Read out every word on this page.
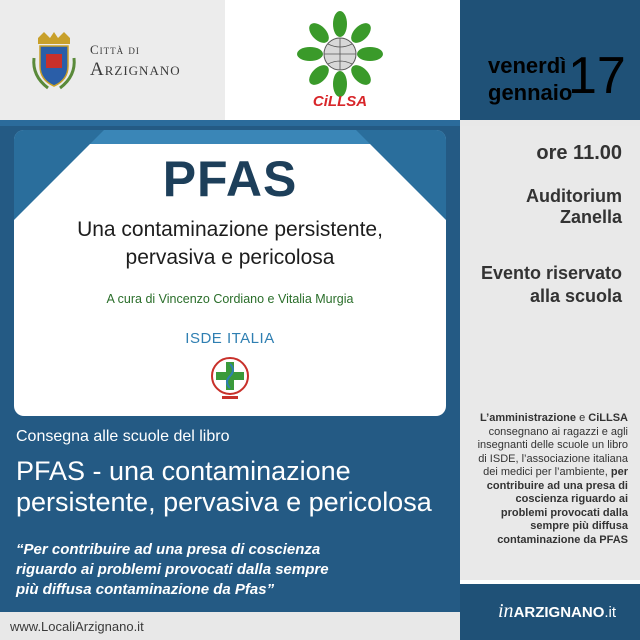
Città di
Arzignano
CiLLSA
venerdì
gennaio
17
PFAS
Una contaminazione persistente,
pervasiva e pericolosa
A cura di Vincenzo Cordiano e Vitalia Murgia
ISDE ITALIA
Consegna alle scuole del libro
PFAS - una contaminazione
persistente, pervasiva e pericolosa
“Per contribuire ad una presa di coscienza
riguardo ai problemi provocati dalla sempre
più diffusa contaminazione da Pfas”
www.LocaliArzignano.it
ore 11.00
Auditorium Zanella
Evento riservato
alla scuola
L’amministrazione e CiLLSA consegnano ai ragazzi e agli insegnanti delle scuole un libro di ISDE, l’associazione italiana dei medici per l’ambiente, per contribuire ad una presa di coscienza riguardo ai problemi provocati dalla sempre più diffusa contaminazione da PFAS
inARZIGNANO.it
